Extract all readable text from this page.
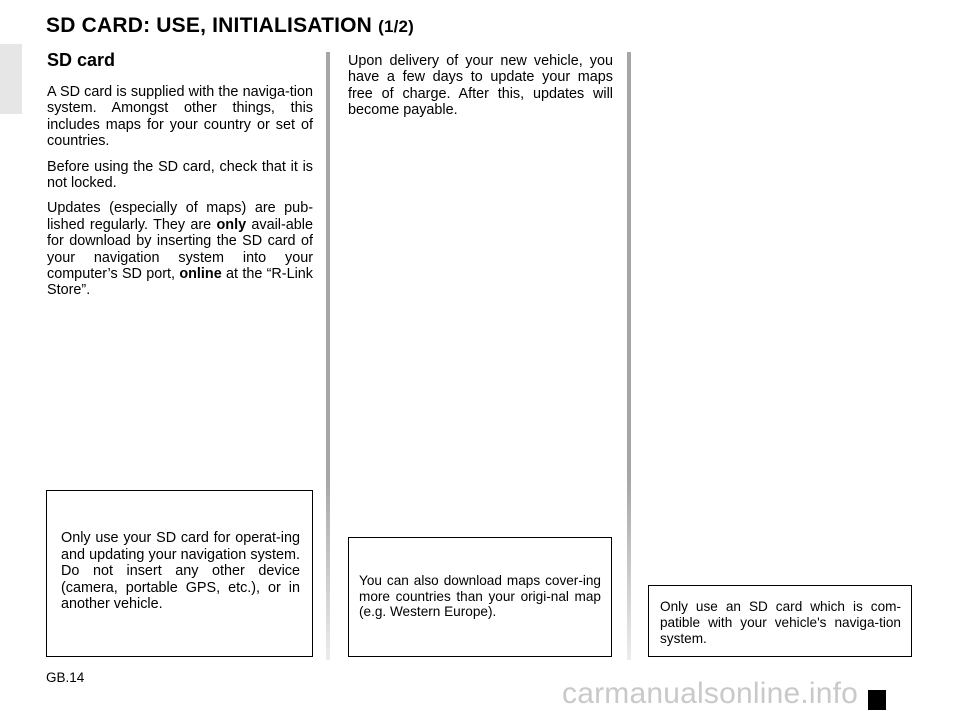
SD CARD: USE, INITIALISATION (1/2)
SD card

A SD card is supplied with the naviga-tion system. Amongst other things, this includes maps for your country or set of countries.

Before using the SD card, check that it is not locked.

Updates (especially of maps) are pub-lished regularly. They are only avail-able for download by inserting the SD card of your navigation system into your computer’s SD port, online at the “R-Link Store”.

Upon delivery of your new vehicle, you have a few days to update your maps free of charge. After this, updates will become payable.

Only use your SD card for operat-ing and updating your navigation system. Do not insert any other device (camera, portable GPS, etc.), or in another vehicle.
You can also download maps cover-ing more countries than your origi-nal map (e.g. Western Europe).	Only use an SD card which is com-patible with your vehicle's naviga-tion system.
GB.14	carmanualsonline.info
